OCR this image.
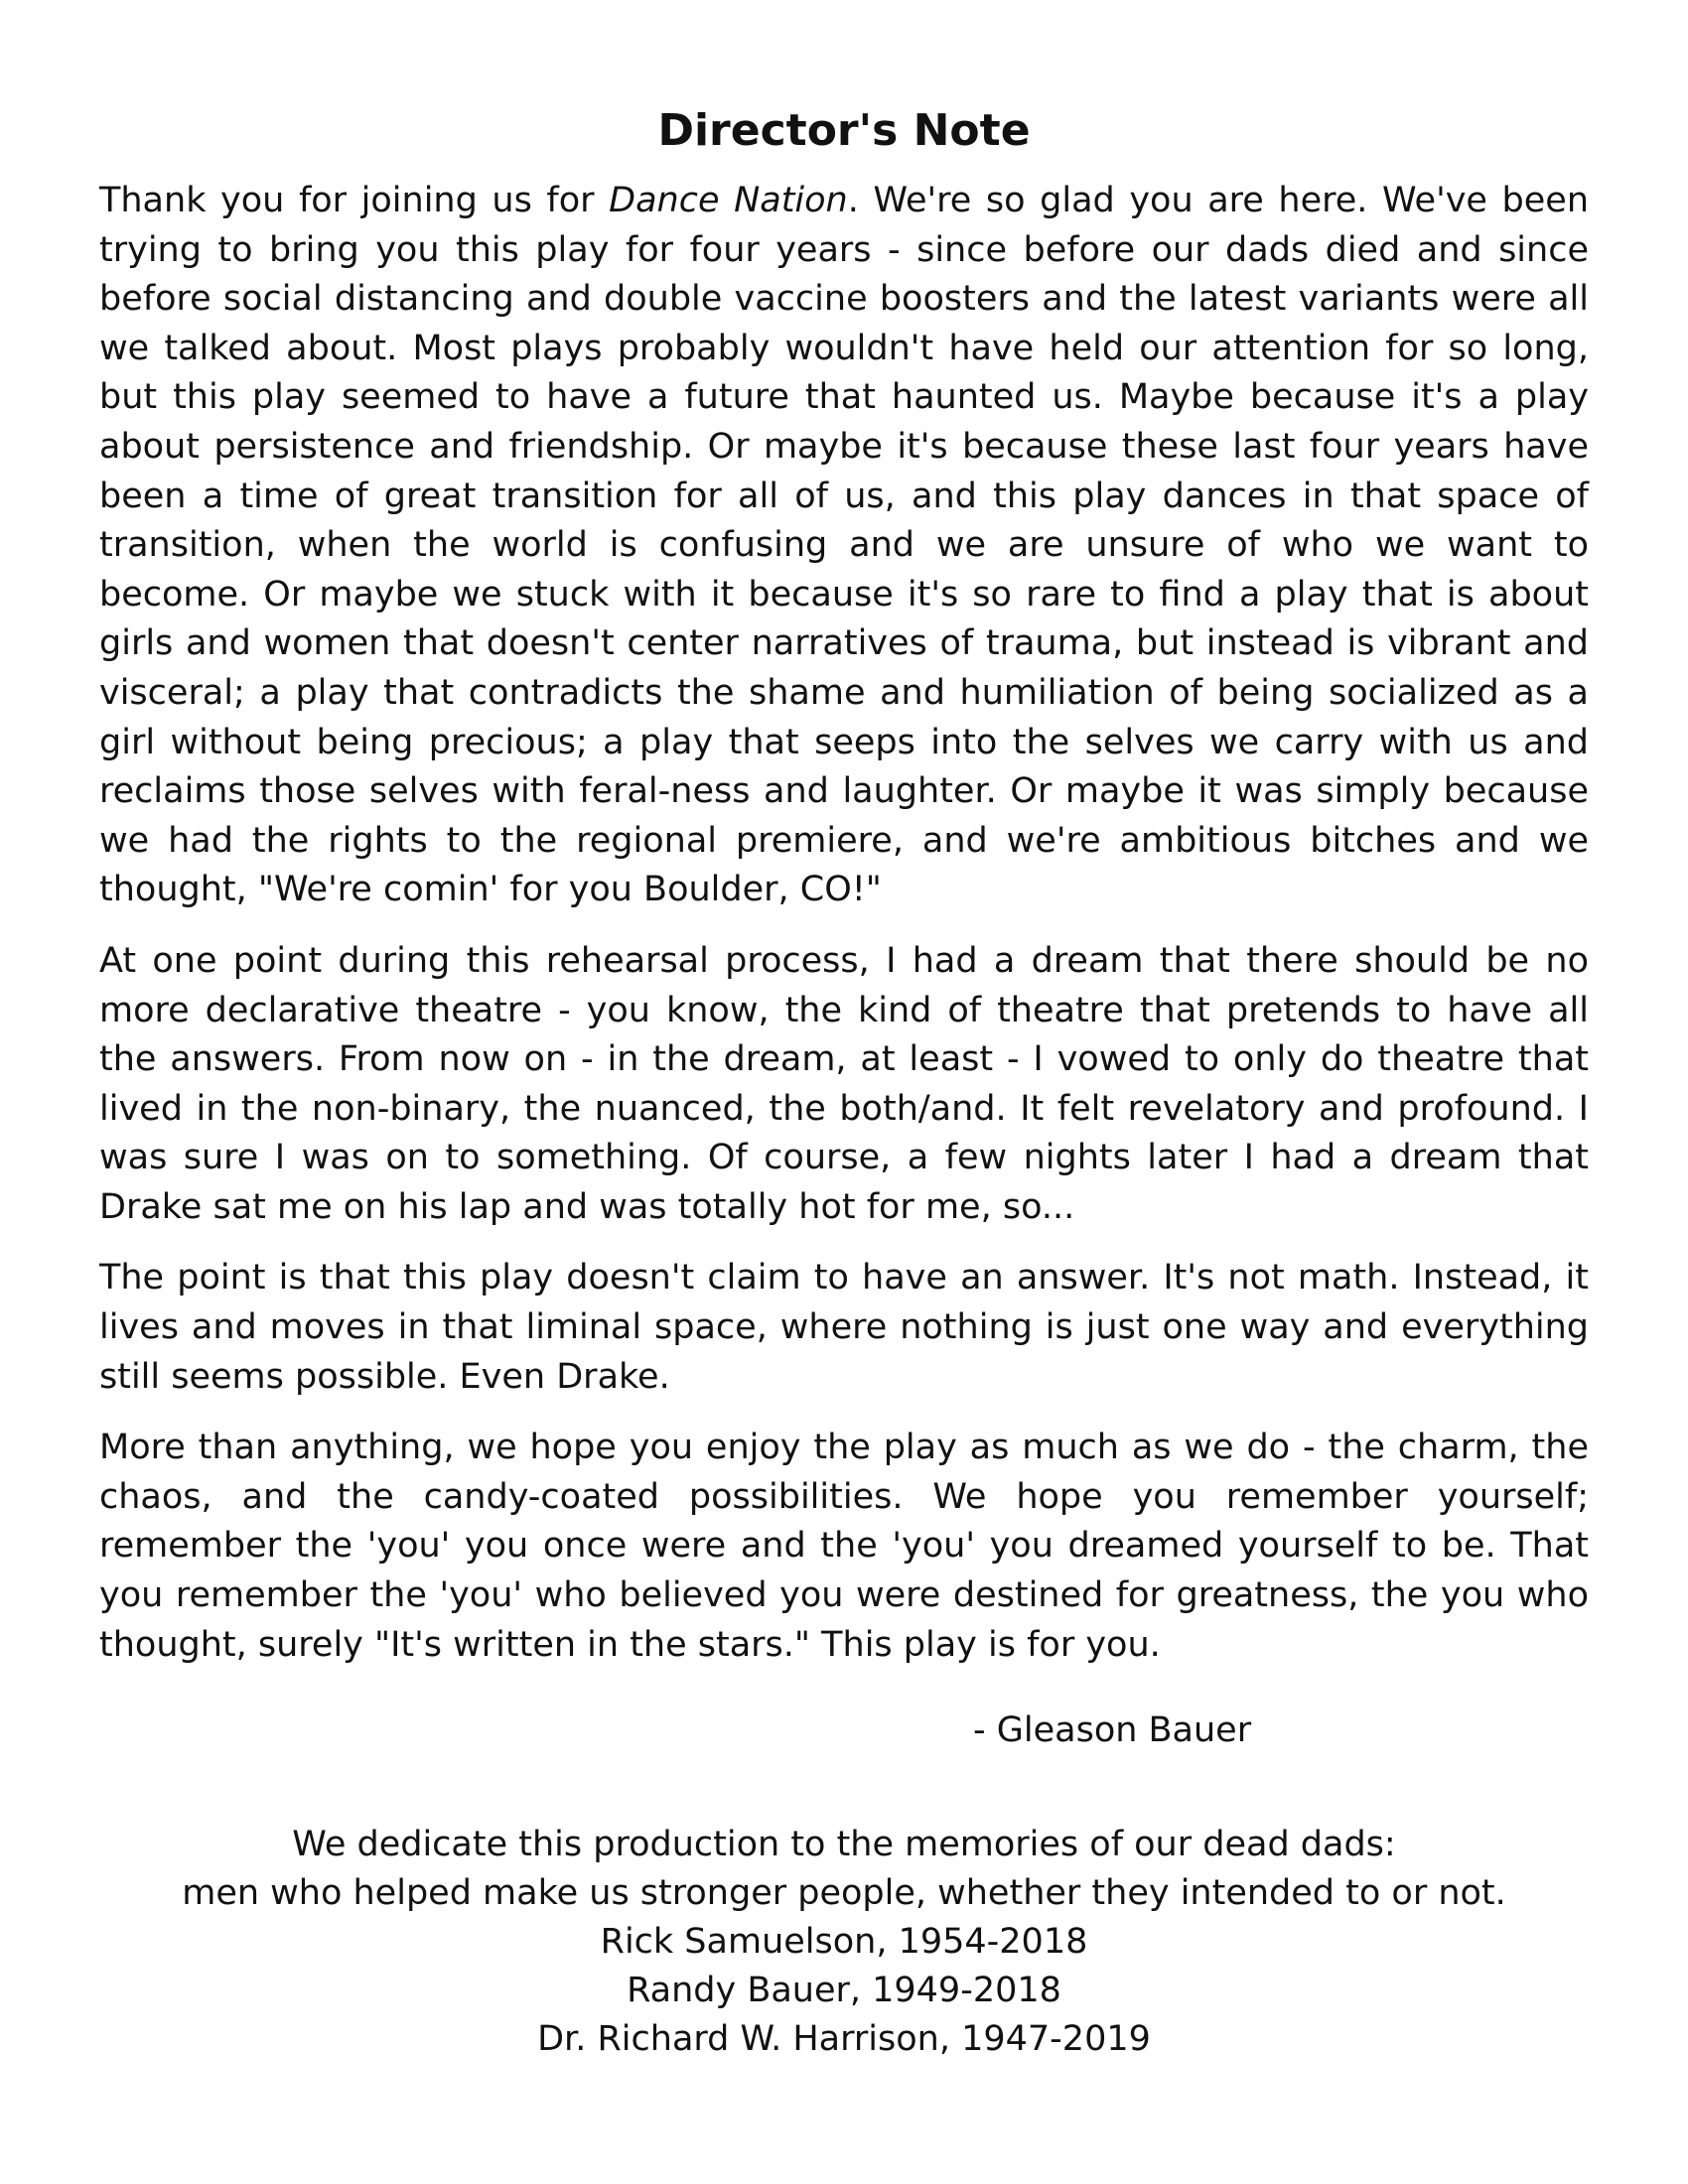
Director's Note

Thank you for joining us for Dance Nation. We're so glad you are here. We've been trying to bring you this play for four years - since before our dads died and since before social distancing and double vaccine boosters and the latest variants were all we talked about. Most plays probably wouldn't have held our attention for so long, but this play seemed to have a future that haunted us. Maybe because it's a play about persistence and friendship. Or maybe it's because these last four years have been a time of great transition for all of us, and this play dances in that space of transition, when the world is confusing and we are unsure of who we want to become. Or maybe we stuck with it because it's so rare to find a play that is about girls and women that doesn't center narratives of trauma, but instead is vibrant and visceral; a play that contradicts the shame and humiliation of being socialized as a girl without being precious; a play that seeps into the selves we carry with us and reclaims those selves with feral-ness and laughter. Or maybe it was simply because we had the rights to the regional premiere, and we're ambitious bitches and we thought, "We're comin' for you Boulder, CO!"

At one point during this rehearsal process, I had a dream that there should be no more declarative theatre - you know, the kind of theatre that pretends to have all the answers. From now on - in the dream, at least - I vowed to only do theatre that lived in the non-binary, the nuanced, the both/and. It felt revelatory and profound. I was sure I was on to something. Of course, a few nights later I had a dream that Drake sat me on his lap and was totally hot for me, so...

The point is that this play doesn't claim to have an answer. It's not math. Instead, it lives and moves in that liminal space, where nothing is just one way and everything still seems possible. Even Drake.

More than anything, we hope you enjoy the play as much as we do - the charm, the chaos, and the candy-coated possibilities. We hope you remember yourself; remember the 'you' you once were and the 'you' you dreamed yourself to be. That you remember the 'you' who believed you were destined for greatness, the you who thought, surely "It's written in the stars." This play is for you.

- Gleason Bauer
We dedicate this production to the memories of our dead dads:
men who helped make us stronger people, whether they intended to or not.
Rick Samuelson, 1954-2018
Randy Bauer, 1949-2018
Dr. Richard W. Harrison, 1947-2019
